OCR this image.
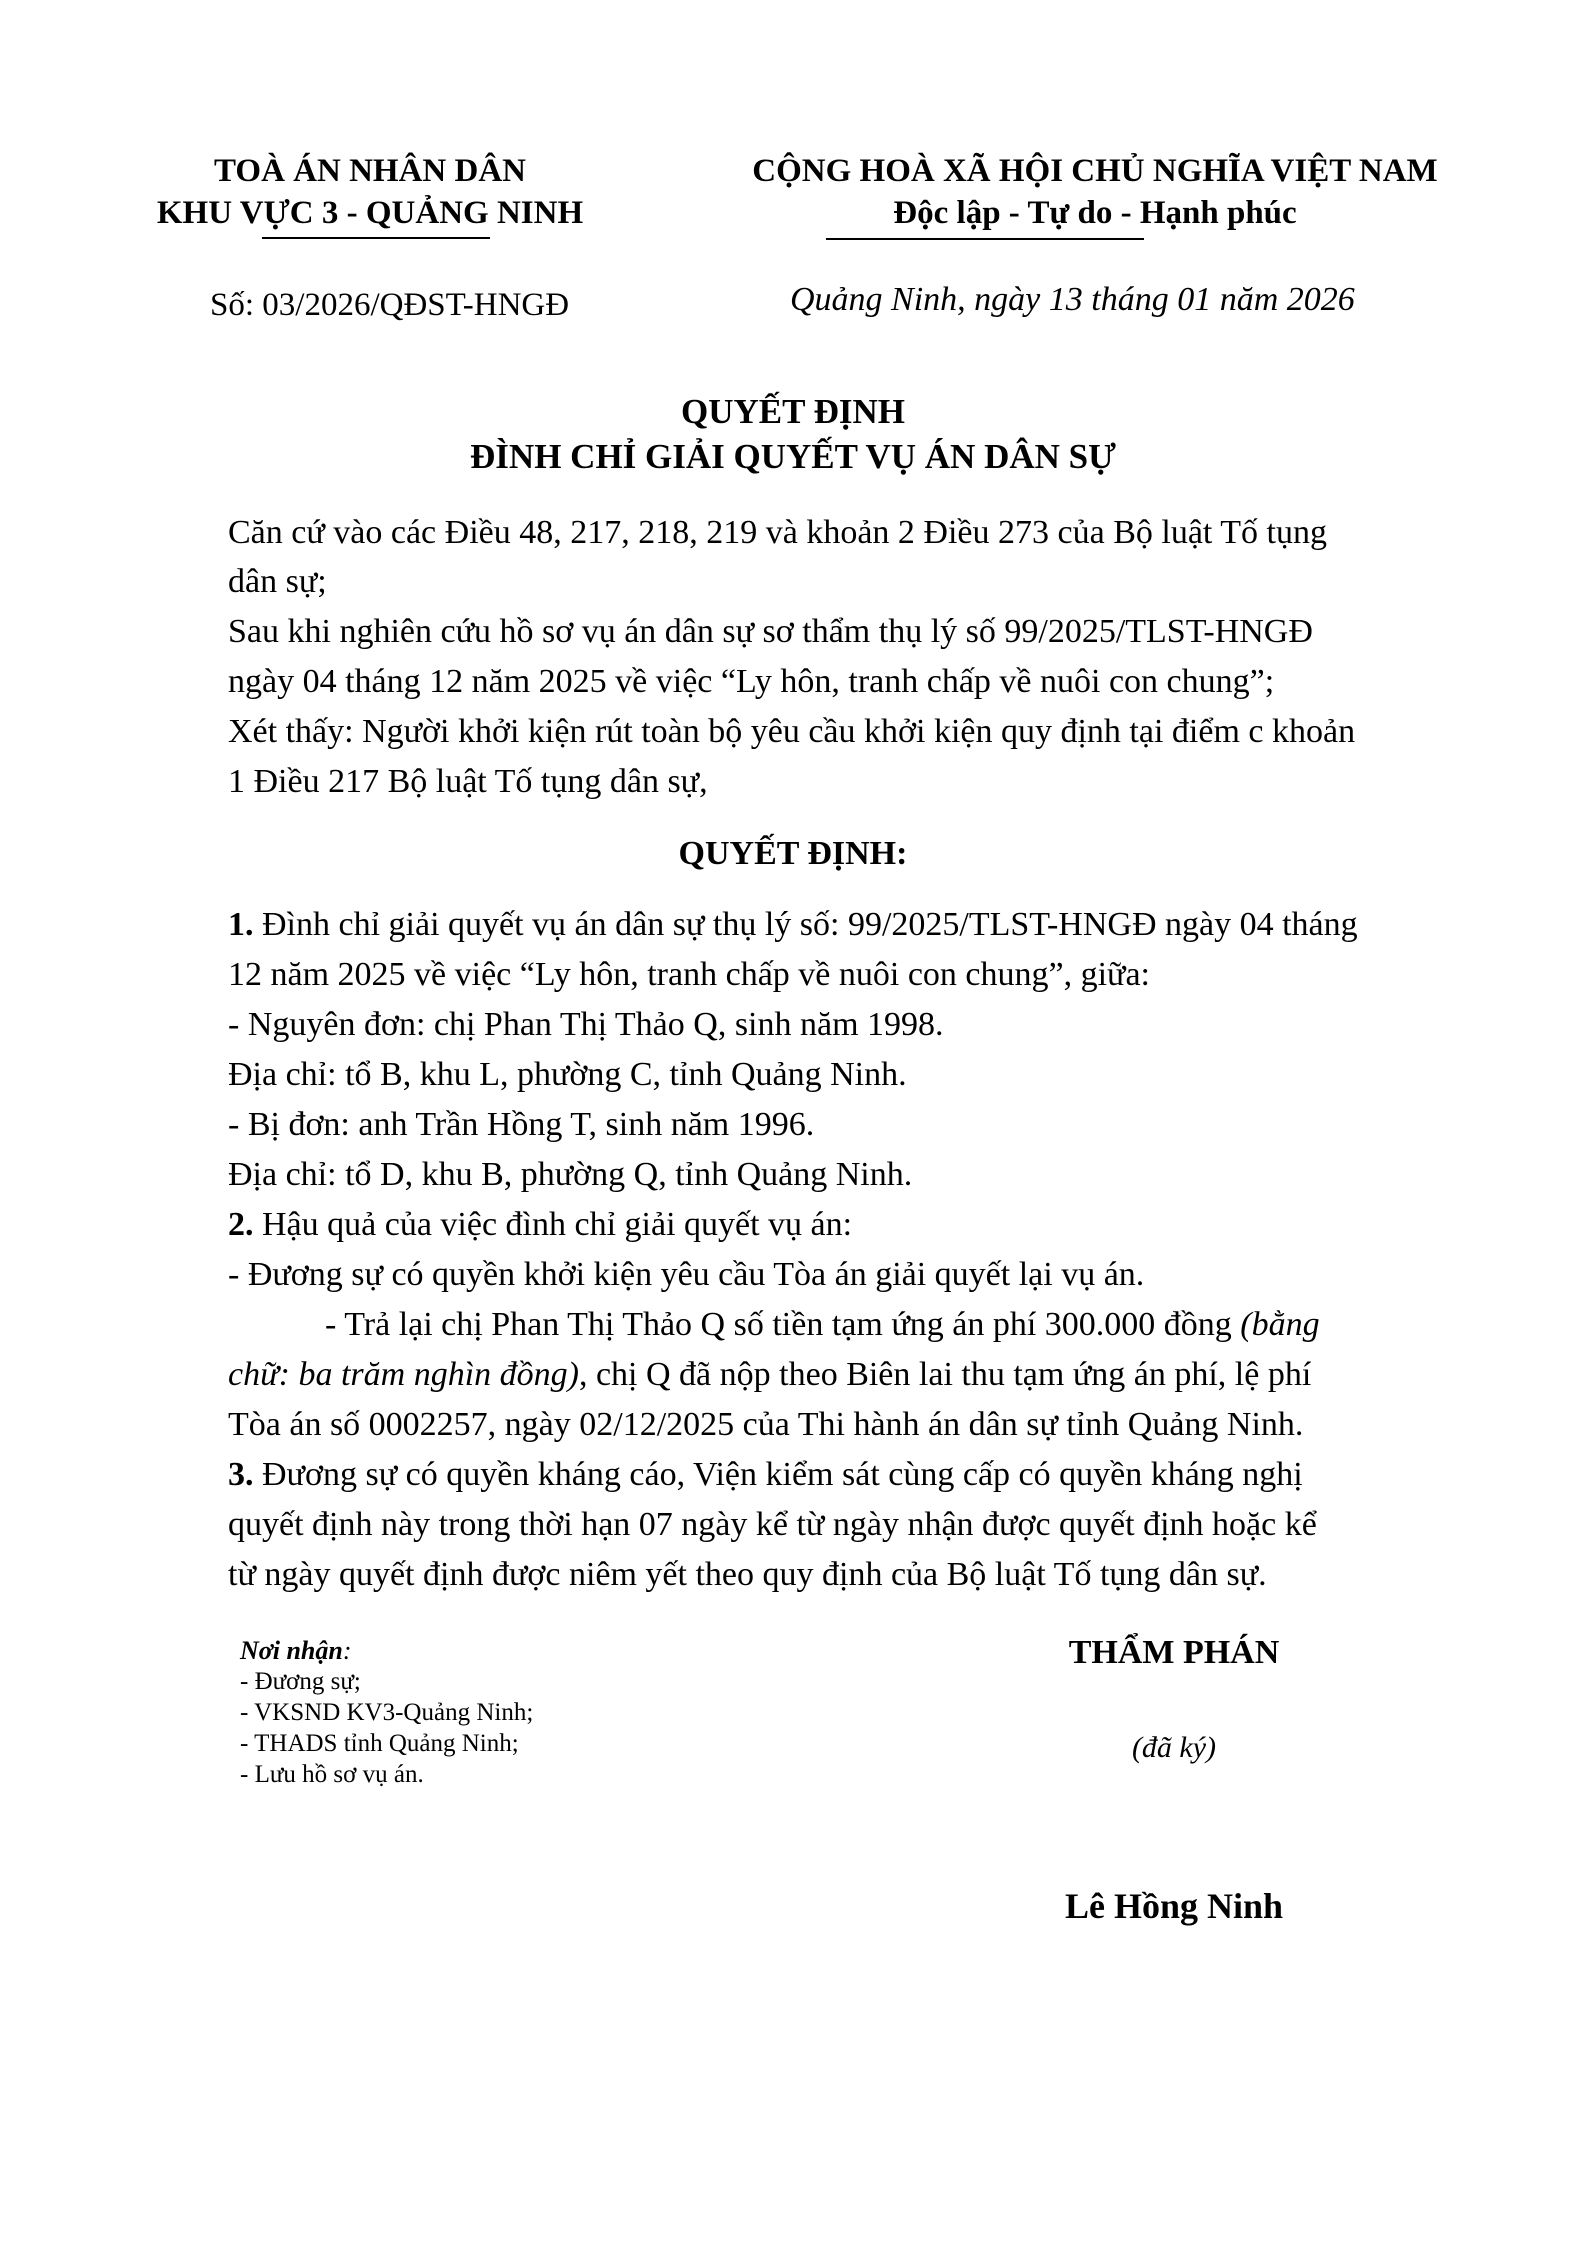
TOÀ ÁN NHÂN DÂN
KHU VỰC 3 - QUẢNG NINH
Số: 03/2026/QĐST-HNGĐ
CỘNG HOÀ XÃ HỘI CHỦ NGHĨA VIỆT NAM
Độc lập - Tự do - Hạnh phúc
Quảng Ninh, ngày 13 tháng 01 năm 2026
QUYẾT ĐỊNH
ĐÌNH CHỈ GIẢI QUYẾT VỤ ÁN DÂN SỰ
Căn cứ vào các Điều 48, 217, 218, 219 và khoản 2 Điều 273 của Bộ luật Tố tụng
dân sự;
Sau khi nghiên cứu hồ sơ vụ án dân sự sơ thẩm thụ lý số 99/2025/TLST-HNGĐ
ngày 04 tháng 12 năm 2025 về việc “Ly hôn, tranh chấp về nuôi con chung”;
Xét thấy: Người khởi kiện rút toàn bộ yêu cầu khởi kiện quy định tại điểm c khoản
1 Điều 217 Bộ luật Tố tụng dân sự,
QUYẾT ĐỊNH:
1. Đình chỉ giải quyết vụ án dân sự thụ lý số: 99/2025/TLST-HNGĐ ngày 04 tháng
12 năm 2025 về việc “Ly hôn, tranh chấp về nuôi con chung”, giữa:
- Nguyên đơn: chị Phan Thị Thảo Q, sinh năm 1998.
Địa chỉ: tổ B, khu L, phường C, tỉnh Quảng Ninh.
- Bị đơn: anh Trần Hồng T, sinh năm 1996.
Địa chỉ: tổ D, khu B, phường Q, tỉnh Quảng Ninh.
2. Hậu quả của việc đình chỉ giải quyết vụ án:
- Đương sự có quyền khởi kiện yêu cầu Tòa án giải quyết lại vụ án.
- Trả lại chị Phan Thị Thảo Q số tiền tạm ứng án phí 300.000 đồng (bằng
chữ: ba trăm nghìn đồng), chị Q đã nộp theo Biên lai thu tạm ứng án phí, lệ phí
Tòa án số 0002257, ngày 02/12/2025 của Thi hành án dân sự tỉnh Quảng Ninh.
3. Đương sự có quyền kháng cáo, Viện kiểm sát cùng cấp có quyền kháng nghị
quyết định này trong thời hạn 07 ngày kể từ ngày nhận được quyết định hoặc kể
từ ngày quyết định được niêm yết theo quy định của Bộ luật Tố tụng dân sự.
Nơi nhận:
- Đương sự;
- VKSND KV3-Quảng Ninh;
- THADS tỉnh Quảng Ninh;
- Lưu hồ sơ vụ án.
THẨM PHÁN
(đã ký)
Lê Hồng Ninh
